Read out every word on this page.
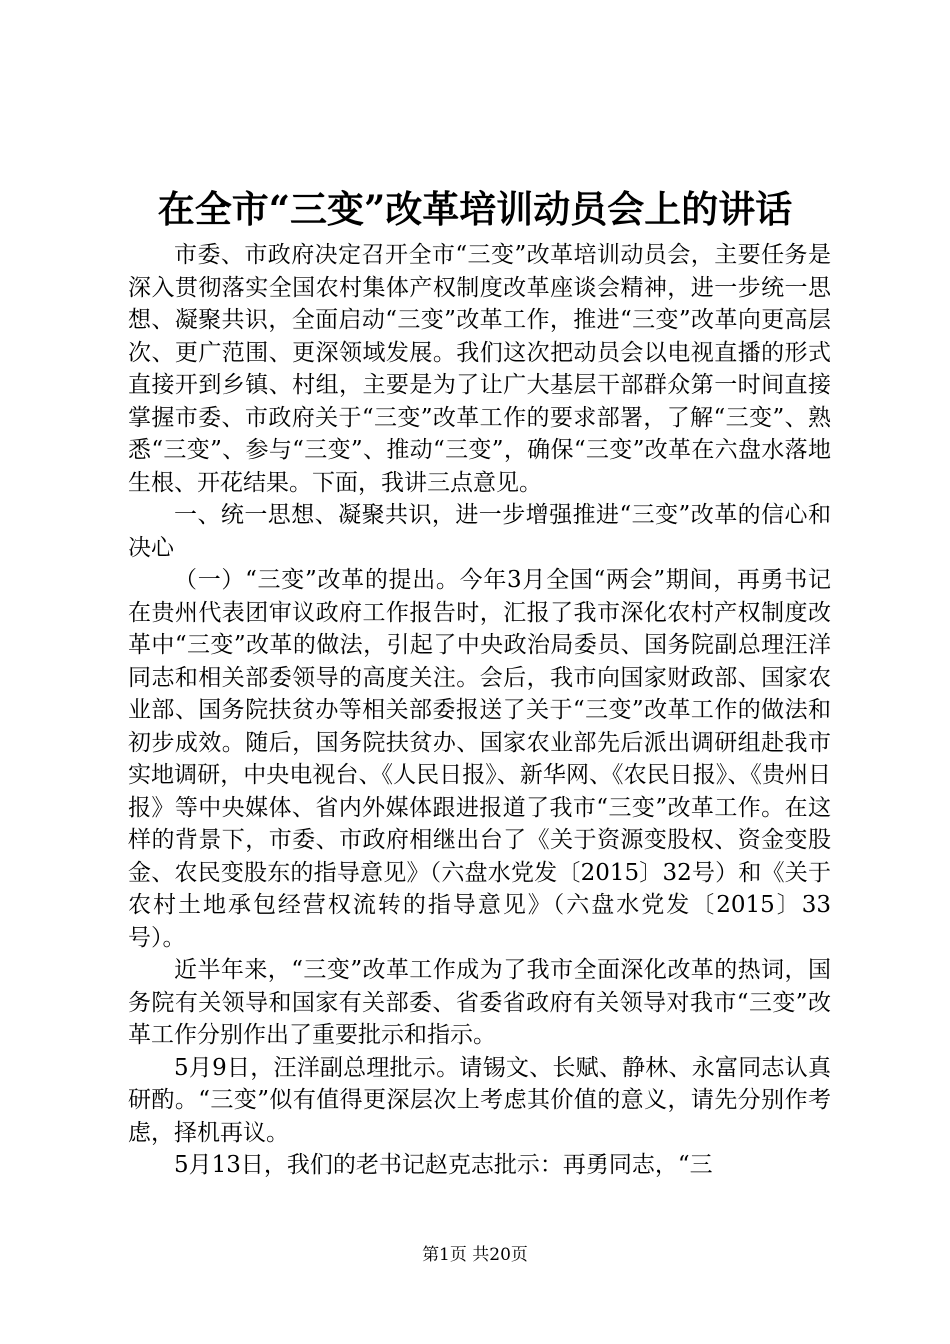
在全市“三变”改革培训动员会上的讲话

市委、市政府决定召开全市“三变”改革培训动员会，主要任务是深入贯彻落实全国农村集体产权制度改革座谈会精神，进一步统一思想、凝聚共识，全面启动“三变”改革工作，推进“三变”改革向更高层次、更广范围、更深领域发展。我们这次把动员会以电视直播的形式直接开到乡镇、村组，主要是为了让广大基层干部群众第一时间直接掌握市委、市政府关于“三变”改革工作的要求部署，了解“三变”、熟悉“三变”、参与“三变”、推动“三变”，确保“三变”改革在六盘水落地生根、开花结果。下面，我讲三点意见。

一、统一思想、凝聚共识，进一步增强推进“三变”改革的信心和决心

（一）“三变”改革的提出。今年3月全国“两会”期间，再勇书记在贵州代表团审议政府工作报告时，汇报了我市深化农村产权制度改革中“三变”改革的做法，引起了中央政治局委员、国务院副总理汪洋同志和相关部委领导的高度关注。会后，我市向国家财政部、国家农业部、国务院扶贫办等相关部委报送了关于“三变”改革工作的做法和初步成效。随后，国务院扶贫办、国家农业部先后派出调研组赴我市实地调研，中央电视台、《人民日报》、新华网、《农民日报》、《贵州日报》等中央媒体、省内外媒体跟进报道了我市“三变”改革工作。在这样的背景下，市委、市政府相继出台了《关于资源变股权、资金变股金、农民变股东的指导意见》（六盘水党发〔2015〕32号）和《关于农村土地承包经营权流转的指导意见》（六盘水党发〔2015〕33号）。

近半年来，“三变”改革工作成为了我市全面深化改革的热词，国务院有关领导和国家有关部委、省委省政府有关领导对我市“三变”改革工作分别作出了重要批示和指示。

5月9日，汪洋副总理批示。请锡文、长赋、静林、永富同志认真研酌。“三变”似有值得更深层次上考虑其价值的意义，请先分别作考虑，择机再议。

5月13日，我们的老书记赵克志批示：再勇同志，“三

第1页 共20页
